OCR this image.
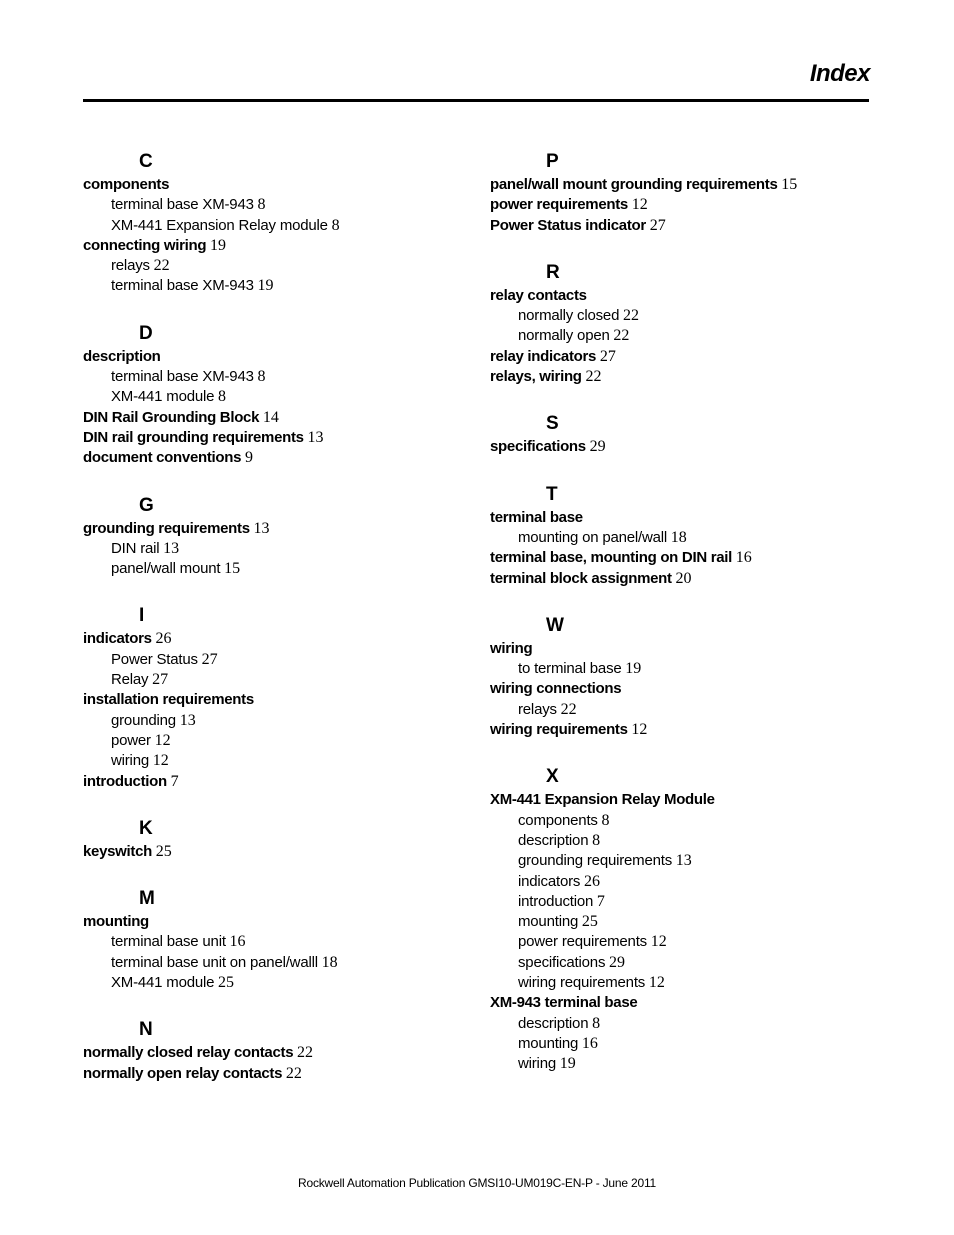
Index
C
components
terminal base XM-943 8
XM-441 Expansion Relay module 8
connecting wiring 19
relays 22
terminal base XM-943 19
D
description
terminal base XM-943 8
XM-441 module 8
DIN Rail Grounding Block 14
DIN rail grounding requirements 13
document conventions 9
G
grounding requirements 13
DIN rail 13
panel/wall mount 15
I
indicators 26
Power Status 27
Relay 27
installation requirements
grounding 13
power 12
wiring 12
introduction 7
K
keyswitch 25
M
mounting
terminal base unit 16
terminal base unit on panel/walll 18
XM-441 module 25
N
normally closed relay contacts 22
normally open relay contacts 22
P
panel/wall mount grounding requirements 15
power requirements 12
Power Status indicator 27
R
relay contacts
normally closed 22
normally open 22
relay indicators 27
relays, wiring 22
S
specifications 29
T
terminal base
mounting on panel/wall 18
terminal base, mounting on DIN rail 16
terminal block assignment 20
W
wiring
to terminal base 19
wiring connections
relays 22
wiring requirements 12
X
XM-441 Expansion Relay Module
components 8
description 8
grounding requirements 13
indicators 26
introduction 7
mounting 25
power requirements 12
specifications 29
wiring requirements 12
XM-943 terminal base
description 8
mounting 16
wiring 19
Rockwell Automation Publication GMSI10-UM019C-EN-P - June 2011
